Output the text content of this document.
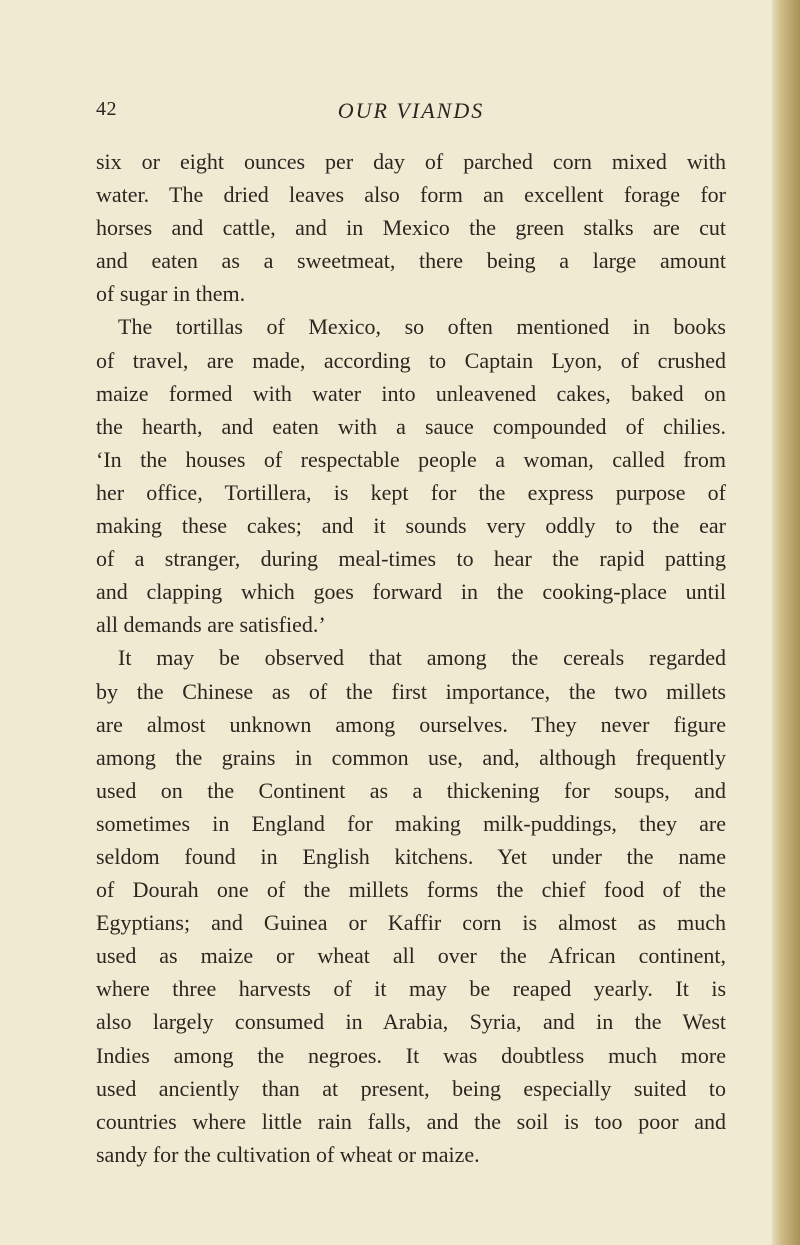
42	OUR VIANDS
six or eight ounces per day of parched corn mixed with
water. The dried leaves also form an excellent forage for
horses and cattle, and in Mexico the green stalks are cut
and eaten as a sweetmeat, there being a large amount
of sugar in them.
The tortillas of Mexico, so often mentioned in books
of travel, are made, according to Captain Lyon, of crushed
maize formed with water into unleavened cakes, baked on
the hearth, and eaten with a sauce compounded of chilies.
‘In the houses of respectable people a woman, called from
her office, Tortillera, is kept for the express purpose of
making these cakes; and it sounds very oddly to the ear
of a stranger, during meal-times to hear the rapid patting
and clapping which goes forward in the cooking-place until
all demands are satisfied.’
It may be observed that among the cereals regarded
by the Chinese as of the first importance, the two millets
are almost unknown among ourselves. They never figure
among the grains in common use, and, although frequently
used on the Continent as a thickening for soups, and
sometimes in England for making milk-puddings, they are
seldom found in English kitchens. Yet under the name
of Dourah one of the millets forms the chief food of the
Egyptians; and Guinea or Kaffir corn is almost as much
used as maize or wheat all over the African continent,
where three harvests of it may be reaped yearly. It is
also largely consumed in Arabia, Syria, and in the West
Indies among the negroes. It was doubtless much more
used anciently than at present, being especially suited to
countries where little rain falls, and the soil is too poor and
sandy for the cultivation of wheat or maize.
